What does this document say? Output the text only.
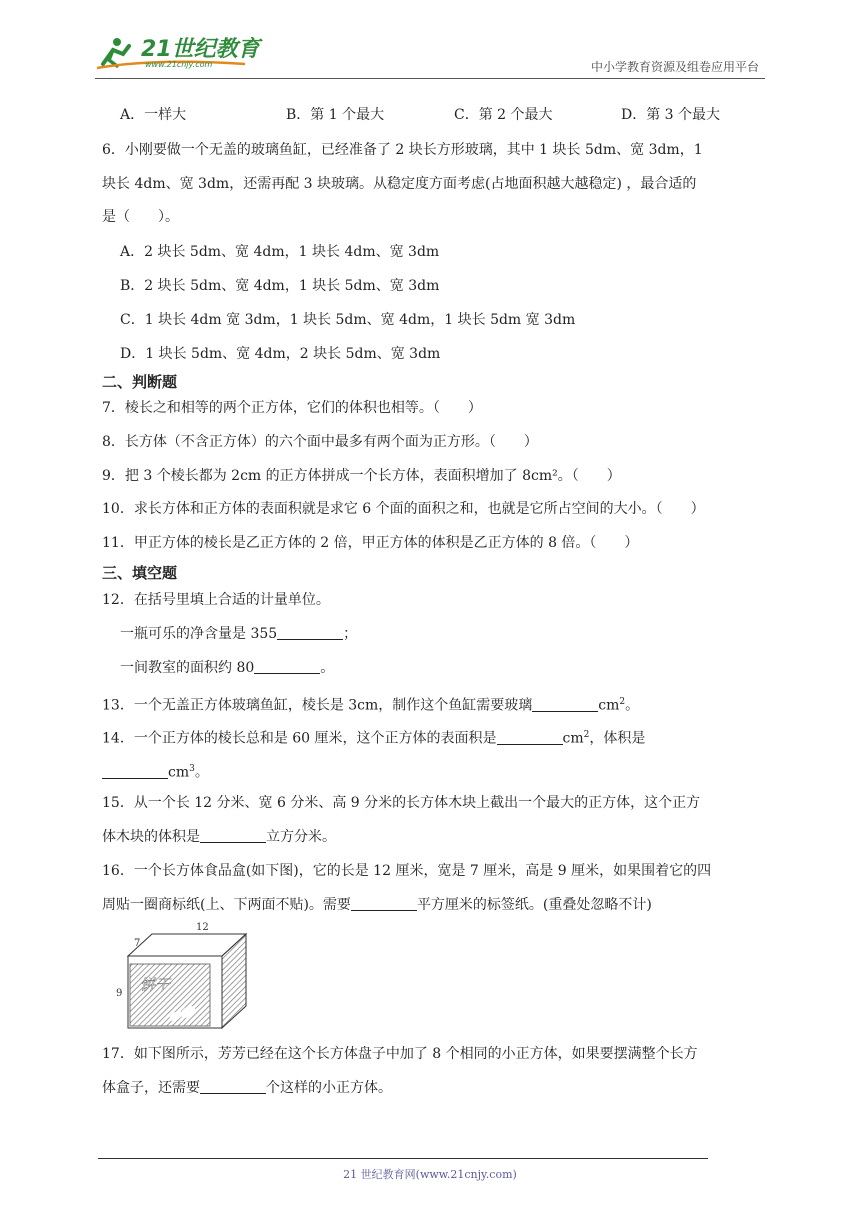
21世纪教育
www.21cnjy.com	中小学教育资源及组卷应用平台
A．一样大	B．第 1 个最大	C．第 2 个最大	D．第 3 个最大
6．小刚要做一个无盖的玻璃鱼缸，已经准备了 2 块长方形玻璃，其中 1 块长 5dm、宽 3dm，1
块长 4dm、宽 3dm，还需再配 3 块玻璃。从稳定度方面考虑(占地面积越大越稳定) ，最合适的
是（　　）。
A．2 块长 5dm、宽 4dm，1 块长 4dm、宽 3dm
B．2 块长 5dm、宽 4dm，1 块长 5dm、宽 3dm
C．1 块长 4dm 宽 3dm，1 块长 5dm、宽 4dm，1 块长 5dm 宽 3dm
D．1 块长 5dm、宽 4dm，2 块长 5dm、宽 3dm
二、判断题
7．棱长之和相等的两个正方体，它们的体积也相等。（　　）
8．长方体（不含正方体）的六个面中最多有两个面为正方形。（　　）
9．把 3 个棱长都为 2cm 的正方体拼成一个长方体，表面积增加了 8cm²。（　　）
10．求长方体和正方体的表面积就是求它 6 个面的面积之和，也就是它所占空间的大小。（　　）
11．甲正方体的棱长是乙正方体的 2 倍，甲正方体的体积是乙正方体的 8 倍。（　　）
三、填空题
12．在括号里填上合适的计量单位。
一瓶可乐的净含量是 355	；
一间教室的面积约 80	。
13．一个无盖正方体玻璃鱼缸，棱长是 3cm，制作这个鱼缸需要玻璃	$cm^2$。
14．一个正方体的棱长总和是 60 厘米，这个正方体的表面积是	$cm^2$，体积是
$cm^3$。
15．从一个长 12 分米、宽 6 分米、高 9 分米的长方体木块上截出一个最大的正方体，这个正方
体木块的体积是	立方分米。
16．一个长方体食品盒(如下图)，它的长是 12 厘米，宽是 7 厘米，高是 9 厘米，如果围着它的四
周贴一圈商标纸(上、下两面不贴)。需要	平方厘米的标签纸。(重叠处忽略不计)
12
7
9 饼干
17．如下图所示，芳芳已经在这个长方体盘子中加了 8 个相同的小正方体，如果要摆满整个长方
体盒子，还需要	个这样的小正方体。
21 世纪教育网(www.21cnjy.com)
